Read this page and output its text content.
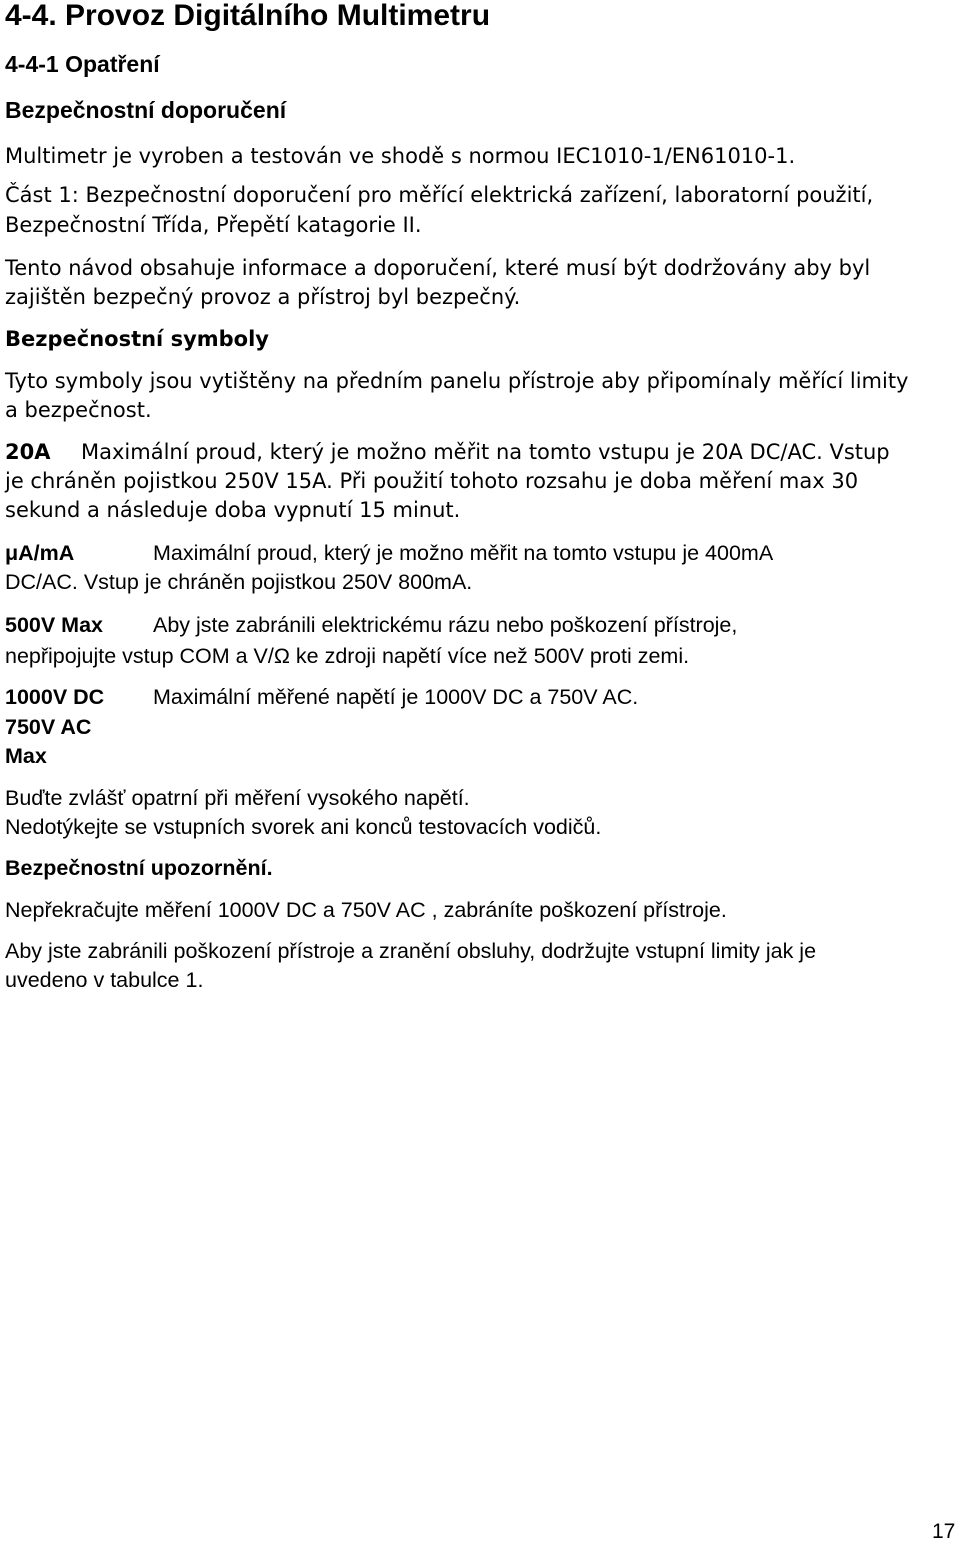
4-4. Provoz Digitálního Multimetru
4-4-1 Opatření
Bezpečnostní doporučení

Multimetr je vyroben a testován ve shodě s normou IEC1010-1/EN61010-1.

Část 1: Bezpečnostní doporučení pro měřící elektrická zařízení, laboratorní použití,

Bezpečnostní Třída, Přepětí katagorie II.

Tento návod obsahuje informace a doporučení, které musí být dodržovány aby byl

zajištěn bezpečný provoz a přístroj byl bezpečný.

Bezpečnostní symboly

Tyto symboly jsou vytištěny na předním panelu přístroje aby připomínaly měřící limity

a bezpečnost.

20A Maximální proud, který je možno měřit na tomto vstupu je 20A DC/AC. Vstup

je chráněn pojistkou 250V 15A. Při použití tohoto rozsahu je doba měření max 30

sekund a následuje doba vypnutí 15 minut.

μA/mA	Maximální proud, který je možno měřit na tomto vstupu je 400mA

DC/AC. Vstup je chráněn pojistkou 250V 800mA.

500V Max Aby jste zabránili elektrickému rázu nebo poškození přístroje,

nepřipojujte vstup COM a V/Ω ke zdroji napětí více než 500V proti zemi.

1000V DC Maximální měřené napětí je 1000V DC a 750V AC.

750V AC

Max

Buďte zvlášť opatrní při měření vysokého napětí.

Nedotýkejte se vstupních svorek ani konců testovacích vodičů.

Bezpečnostní upozornění.

Nepřekračujte měření 1000V DC a 750V AC , zabráníte poškození přístroje.

Aby jste zabránili poškození přístroje a zranění obsluhy, dodržujte vstupní limity jak je

uvedeno v tabulce 1.

17
